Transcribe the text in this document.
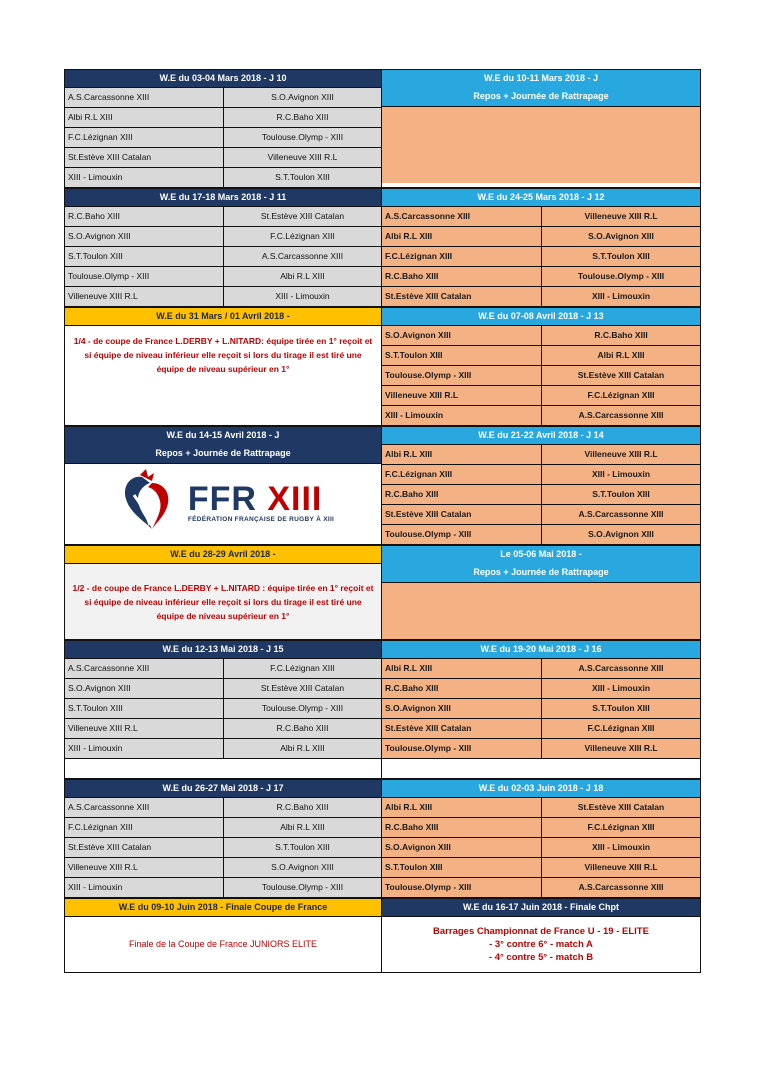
W.E du 03-04 Mars 2018 - J 10
A.S.Carcassonne XIII	S.O.Avignon XIII
Albi R.L XIII	R.C.Baho XIII
F.C.Lézignan XIII	Toulouse.Olymp - XIII
St.Estève XIII Catalan	Villeneuve XIII R.L
XIII - Limouxin	S.T.Toulon XIII
W.E du 10-11 Mars 2018 - J
Repos + Journée de Rattrapage
W.E du 17-18 Mars 2018 - J 11
R.C.Baho XIII	St.Estève XIII Catalan
S.O.Avignon XIII	F.C.Lézignan XIII
S.T.Toulon XIII	A.S.Carcassonne XIII
Toulouse.Olymp - XIII	Albi R.L XIII
Villeneuve XIII R.L	XIII - Limouxin
W.E du 24-25 Mars 2018 - J 12
A.S.Carcassonne XIII	Villeneuve XIII R.L
Albi R.L XIII	S.O.Avignon XIII
F.C.Lézignan XIII	S.T.Toulon XIII
R.C.Baho XIII	Toulouse.Olymp - XIII
St.Estève XIII Catalan	XIII - Limouxin
W.E du 31 Mars / 01 Avril 2018 -
1/4 - de coupe de France L.DERBY + L.NITARD: équipe tirée en 1° reçoit et si équipe de niveau inférieur elle reçoit si lors du tirage il est tiré une équipe de niveau supérieur en 1°
W.E du 07-08 Avril 2018 - J 13
S.O.Avignon XIII	R.C.Baho XIII
S.T.Toulon XIII	Albi R.L XIII
Toulouse.Olymp - XIII	St.Estève XIII Catalan
Villeneuve XIII R.L	F.C.Lézignan XIII
XIII - Limouxin	A.S.Carcassonne XIII
W.E du 14-15 Avril 2018 - J
Repos + Journée de Rattrapage
FFR XIII
FÉDÉRATION FRANÇAISE DE RUGBY À XIII
W.E du 21-22 Avril 2018 - J 14
Albi R.L XIII	Villeneuve XIII R.L
F.C.Lézignan XIII	XIII - Limouxin
R.C.Baho XIII	S.T.Toulon XIII
St.Estève XIII Catalan	A.S.Carcassonne XIII
Toulouse.Olymp - XIII	S.O.Avignon XIII
W.E du 28-29 Avril 2018 -
1/2 - de coupe de France L.DERBY + L.NITARD : équipe tirée en 1° reçoit et si équipe de niveau inférieur elle reçoit si lors du tirage il est tiré une équipe de niveau supérieur en 1°
Le 05-06 Mai 2018 -
Repos + Journée de Rattrapage
W.E du 12-13 Mai 2018 - J 15
A.S.Carcassonne XIII	F.C.Lézignan XIII
S.O.Avignon XIII	St.Estève XIII Catalan
S.T.Toulon XIII	Toulouse.Olymp - XIII
Villeneuve XIII R.L	R.C.Baho XIII
XIII - Limouxin	Albi R.L XIII
W.E du 19-20 Mai 2018 - J 16
Albi R.L XIII	A.S.Carcassonne XIII
R.C.Baho XIII	XIII - Limouxin
S.O.Avignon XIII	S.T.Toulon XIII
St.Estève XIII Catalan	F.C.Lézignan XIII
Toulouse.Olymp - XIII	Villeneuve XIII R.L
W.E du 26-27 Mai 2018 - J 17
A.S.Carcassonne XIII	R.C.Baho XIII
F.C.Lézignan XIII	Albi R.L XIII
St.Estève XIII Catalan	S.T.Toulon XIII
Villeneuve XIII R.L	S.O.Avignon XIII
XIII - Limouxin	Toulouse.Olymp - XIII
W.E du 02-03 Juin 2018 - J 18
Albi R.L XIII	St.Estève XIII Catalan
R.C.Baho XIII	F.C.Lézignan XIII
S.O.Avignon XIII	XIII - Limouxin
S.T.Toulon XIII	Villeneuve XIII R.L
Toulouse.Olymp - XIII	A.S.Carcassonne XIII
W.E du 09-10 Juin 2018 - Finale Coupe de France
Finale de la Coupe de France JUNIORS ELITE
W.E du 16-17 Juin 2018 - Finale Chpt
Barrages Championnat de France U - 19 - ELITE
- 3° contre 6° - match A
- 4° contre 5° - match B
